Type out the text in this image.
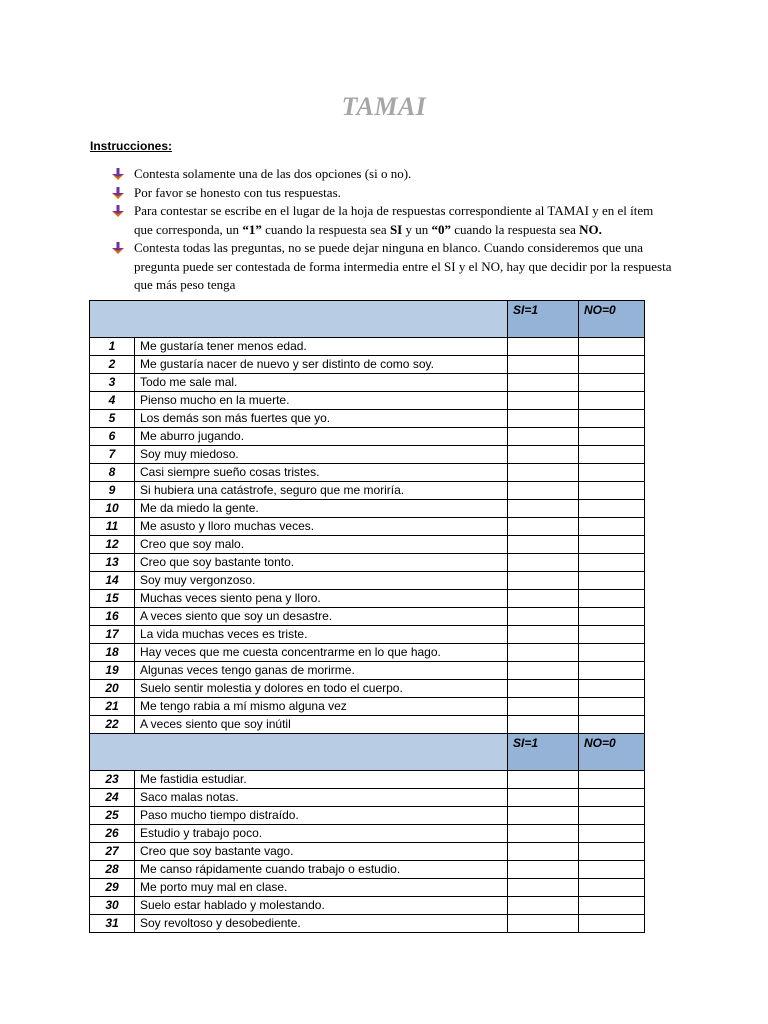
TAMAI
Instrucciones:
Contesta solamente una de las dos opciones (si o no).
Por favor se honesto con tus respuestas.
Para contestar se escribe en el lugar de la hoja de respuestas correspondiente al TAMAI y en el ítem que corresponda, un “1” cuando la respuesta sea SI y un “0” cuando la respuesta sea NO.
Contesta todas las preguntas, no se puede dejar ninguna en blanco. Cuando consideremos que una pregunta puede ser contestada de forma intermedia entre el SI y el NO, hay que decidir por la respuesta que más peso tenga
		SI=1	NO=0
1	Me gustaría tener menos edad.		
2	Me gustaría nacer de nuevo y ser distinto de como soy.		
3	Todo me sale mal.		
4	Pienso mucho en la muerte.		
5	Los demás son más fuertes que yo.		
6	Me aburro jugando.		
7	Soy muy miedoso.		
8	Casi siempre sueño cosas tristes.		
9	Si hubiera una catástrofe, seguro que me moriría.		
10	Me da miedo la gente.		
11	Me asusto y lloro muchas veces.		
12	Creo que soy malo.		
13	Creo que soy bastante tonto.		
14	Soy muy vergonzoso.		
15	Muchas veces siento pena y lloro.		
16	A veces siento que soy un desastre.		
17	La vida muchas veces es triste.		
18	Hay veces que me cuesta concentrarme en lo que hago.		
19	Algunas veces tengo ganas de morirme.		
20	Suelo sentir molestia y dolores en todo el cuerpo.		
21	Me tengo rabia a mí mismo alguna vez		
22	A veces siento que soy inútil		
		SI=1	NO=0
23	Me fastidia estudiar.		
24	Saco malas notas.		
25	Paso mucho tiempo distraído.		
26	Estudio y trabajo poco.		
27	Creo que soy bastante vago.		
28	Me canso rápidamente cuando trabajo o estudio.		
29	Me porto muy mal en clase.		
30	Suelo estar hablado y molestando.		
31	Soy revoltoso y desobediente.		
